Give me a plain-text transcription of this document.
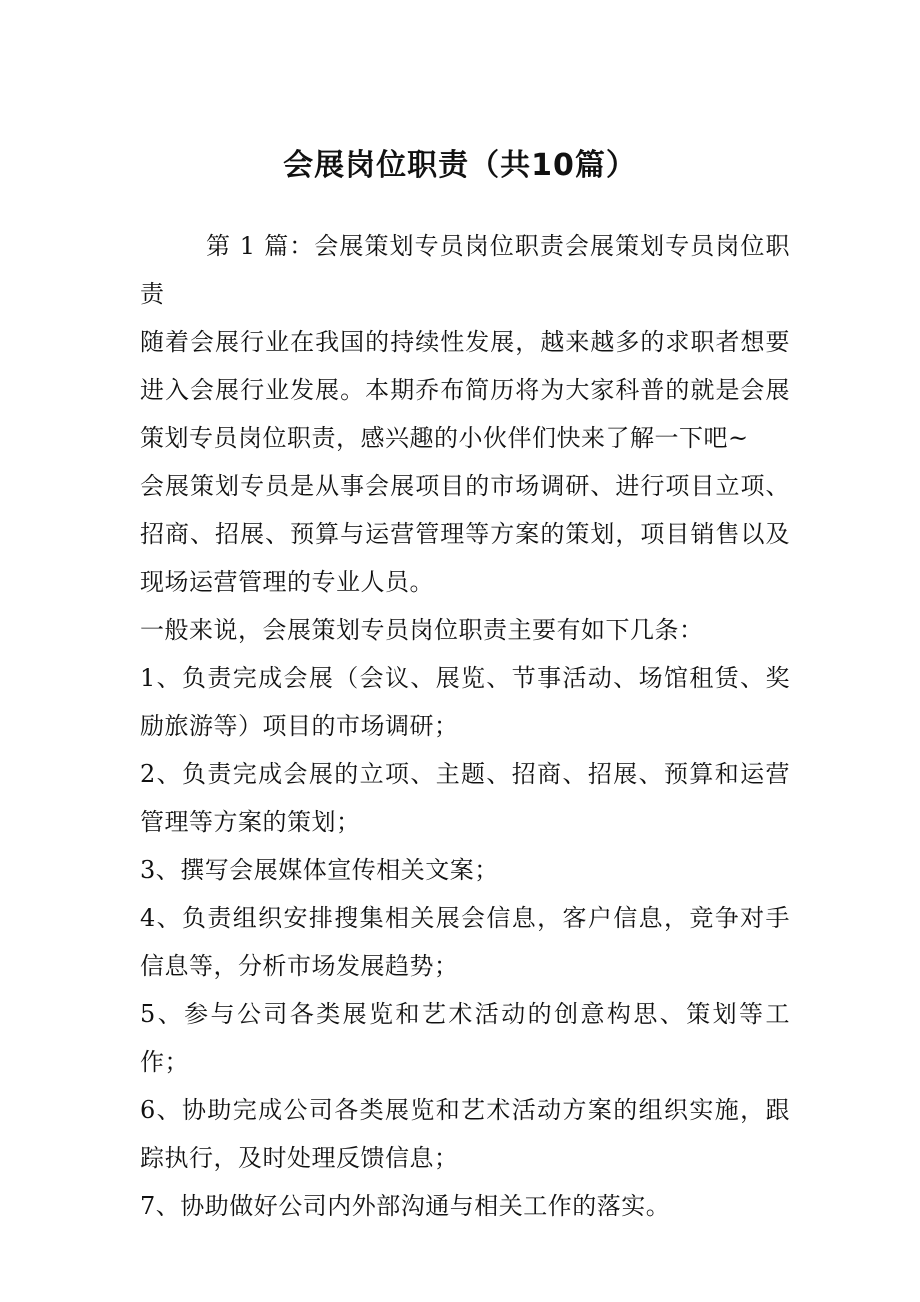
会展岗位职责（共10篇）

第 1 篇：会展策划专员岗位职责会展策划专员岗位职责

随着会展行业在我国的持续性发展，越来越多的求职者想要进入会展行业发展。本期乔布简历将为大家科普的就是会展策划专员岗位职责，感兴趣的小伙伴们快来了解一下吧~

会展策划专员是从事会展项目的市场调研、进行项目立项、招商、招展、预算与运营管理等方案的策划，项目销售以及现场运营管理的专业人员。

一般来说，会展策划专员岗位职责主要有如下几条：

1、负责完成会展（会议、展览、节事活动、场馆租赁、奖励旅游等）项目的市场调研；

2、负责完成会展的立项、主题、招商、招展、预算和运营管理等方案的策划；

3、撰写会展媒体宣传相关文案；

4、负责组织安排搜集相关展会信息，客户信息，竞争对手信息等，分析市场发展趋势；

5、参与公司各类展览和艺术活动的创意构思、策划等工作；

6、协助完成公司各类展览和艺术活动方案的组织实施，跟踪执行，及时处理反馈信息；

7、协助做好公司内外部沟通与相关工作的落实。
